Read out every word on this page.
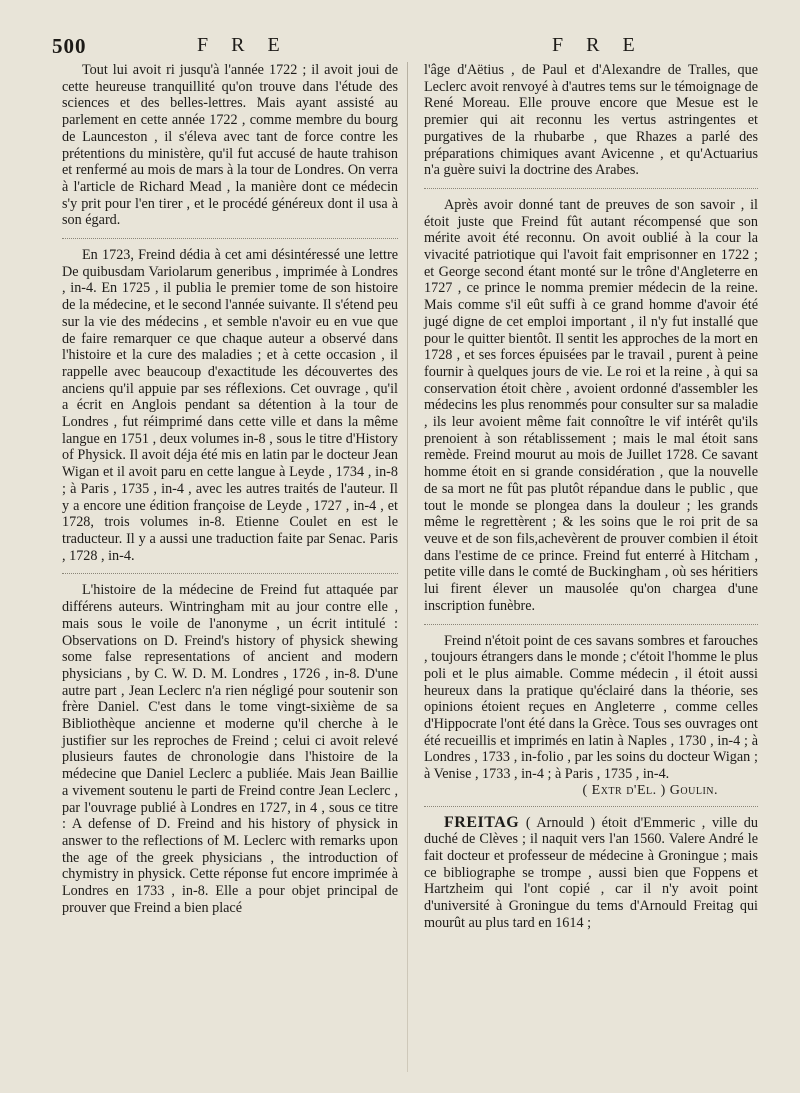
500	F R E	F R E

Tout lui avoit ri jusqu'à l'année 1722 ; il avoit joui de cette heureuse tranquillité qu'on trouve dans l'étude des sciences et des belles-lettres. Mais ayant assisté au parlement en cette année 1722 , comme membre du bourg de Launceston , il s'éleva avec tant de force contre les prétentions du ministère, qu'il fut accusé de haute trahison et renfermé au mois de mars à la tour de Londres. On verra à l'article de Richard Mead , la manière dont ce médecin s'y prit pour l'en tirer , et le procédé généreux dont il usa à son égard.

En 1723, Freind dédia à cet ami désintéressé une lettre De quibusdam Variolarum generibus , imprimée à Londres , in-4. En 1725 , il publia le premier tome de son histoire de la médecine, et le second l'année suivante. Il s'étend peu sur la vie des médecins , et semble n'avoir eu en vue que de faire remarquer ce que chaque auteur a observé dans l'histoire et la cure des maladies ; et à cette occasion , il rappelle avec beaucoup d'exactitude les découvertes des anciens qu'il appuie par ses réflexions. Cet ouvrage , qu'il a écrit en Anglois pendant sa détention à la tour de Londres , fut réimprimé dans cette ville et dans la même langue en 1751 , deux volumes in-8 , sous le titre d'History of Physick. Il avoit déja été mis en latin par le docteur Jean Wigan et il avoit paru en cette langue à Leyde , 1734 , in-8 ; à Paris , 1735 , in-4 , avec les autres traités de l'auteur. Il y a encore une édition françoise de Leyde , 1727 , in-4 , et 1728, trois volumes in-8. Etienne Coulet en est le traducteur. Il y a aussi une traduction faite par Senac. Paris , 1728 , in-4.

L'histoire de la médecine de Freind fut attaquée par différens auteurs. Wintringham mit au jour contre elle , mais sous le voile de l'anonyme , un écrit intitulé : Observations on D. Freind's history of physick shewing some false representations of ancient and modern physicians , by C. W. D. M. Londres , 1726 , in-8. D'une autre part , Jean Leclerc n'a rien négligé pour soutenir son frère Daniel. C'est dans le tome vingt-sixième de sa Bibliothèque ancienne et moderne qu'il cherche à le justifier sur les reproches de Freind ; celui ci avoit relevé plusieurs fautes de chronologie dans l'histoire de la médecine que Daniel Leclerc a publiée. Mais Jean Baillie a vivement soutenu le parti de Freind contre Jean Leclerc , par l'ouvrage publié à Londres en 1727, in 4 , sous ce titre : A defense of D. Freind and his history of physick in answer to the reflections of M. Leclerc with remarks upon the age of the greek physicians , the introduction of chymistry in physick. Cette réponse fut encore imprimée à Londres en 1733 , in-8. Elle a pour objet principal de prouver que Freind a bien placé

l'âge d'Aëtius , de Paul et d'Alexandre de Tralles, que Leclerc avoit renvoyé à d'autres tems sur le témoignage de René Moreau. Elle prouve encore que Mesue est le premier qui ait reconnu les vertus astringentes et purgatives de la rhubarbe , que Rhazes a parlé des préparations chimiques avant Avicenne , et qu'Actuarius n'a guère suivi la doctrine des Arabes.

Après avoir donné tant de preuves de son savoir , il étoit juste que Freind fût autant récompensé que son mérite avoit été reconnu. On avoit oublié à la cour la vivacité patriotique qui l'avoit fait emprisonner en 1722 ; et George second étant monté sur le trône d'Angleterre en 1727 , ce prince le nomma premier médecin de la reine. Mais comme s'il eût suffi à ce grand homme d'avoir été jugé digne de cet emploi important , il n'y fut installé que pour le quitter bientôt. Il sentit les approches de la mort en 1728 , et ses forces épuisées par le travail , purent à peine fournir à quelques jours de vie. Le roi et la reine , à qui sa conservation étoit chère , avoient ordonné d'assembler les médecins les plus renommés pour consulter sur sa maladie , ils leur avoient même fait connoître le vif intérêt qu'ils prenoient à son rétablissement ; mais le mal étoit sans remède. Freind mourut au mois de Juillet 1728. Ce savant homme étoit en si grande considération , que la nouvelle de sa mort ne fût pas plutôt répandue dans le public , que tout le monde se plongea dans la douleur ; les grands même le regrettèrent ; & les soins que le roi prit de sa veuve et de son fils,achevèrent de prouver combien il étoit dans l'estime de ce prince. Freind fut enterré à Hitcham , petite ville dans le comté de Buckingham , où ses héritiers lui firent élever un mausolée qu'on chargea d'une inscription funèbre.

Freind n'étoit point de ces savans sombres et farouches , toujours étrangers dans le monde ; c'étoit l'homme le plus poli et le plus aimable. Comme médecin , il étoit aussi heureux dans la pratique qu'éclairé dans la théorie, ses opinions étoient reçues en Angleterre , comme celles d'Hippocrate l'ont été dans la Grèce. Tous ses ouvrages ont été recueillis et imprimés en latin à Naples , 1730 , in-4 ; à Londres , 1733 , in-folio , par les soins du docteur Wigan ; à Venise , 1733 , in-4 ; à Paris , 1735 , in-4.

( Extr d'El. ) Goulin.

FREITAG ( Arnould ) étoit d'Emmeric , ville du duché de Clèves ; il naquit vers l'an 1560. Valere André le fait docteur et professeur de médecine à Groningue ; mais ce bibliographe se trompe , aussi bien que Foppens et Hartzheim qui l'ont copié , car il n'y avoit point d'université à Groningue du tems d'Arnould Freitag qui mourût au plus tard en 1614 ;
